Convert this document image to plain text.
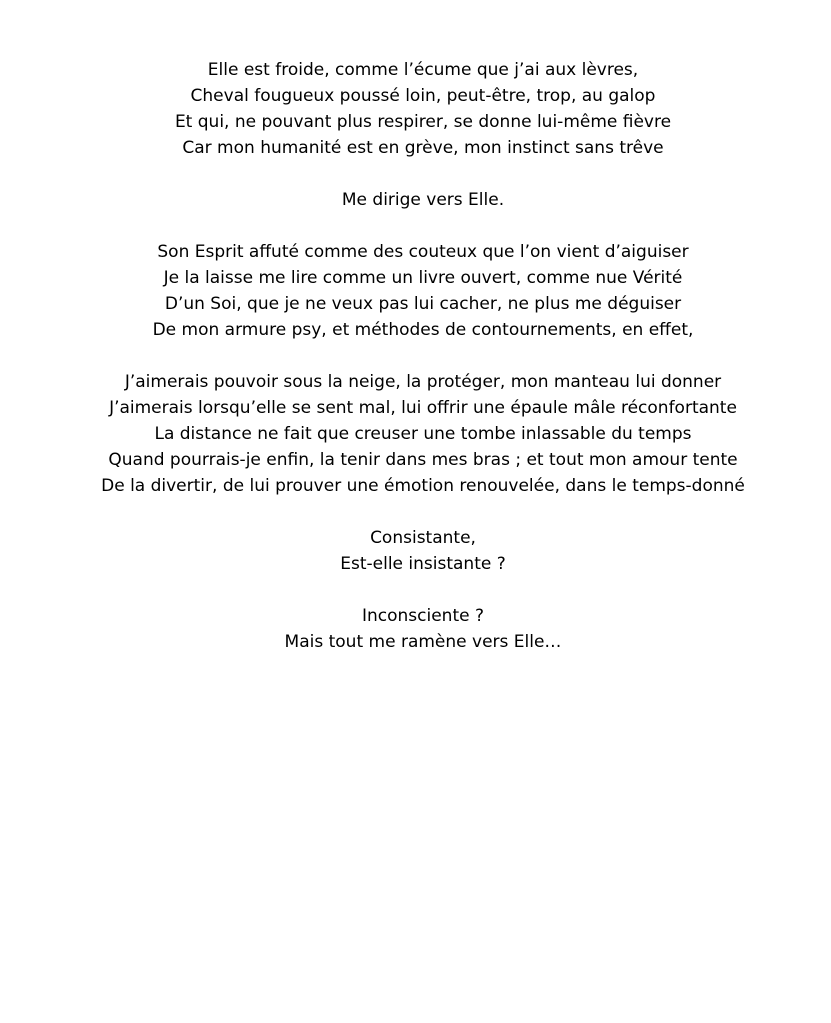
Elle est froide, comme l’écume que j’ai aux lèvres,
Cheval fougueux poussé loin, peut-être, trop, au galop
Et qui, ne pouvant plus respirer, se donne lui-même fièvre
Car mon humanité est en grève, mon instinct sans trêve
Me dirige vers Elle.
Son Esprit affuté comme des couteux que l’on vient d’aiguiser
Je la laisse me lire comme un livre ouvert, comme nue Vérité
D’un Soi, que je ne veux pas lui cacher, ne plus me déguiser
De mon armure psy, et méthodes de contournements, en effet,
J’aimerais pouvoir sous la neige, la protéger, mon manteau lui donner
J’aimerais lorsqu’elle se sent mal, lui offrir une épaule mâle réconfortante
La distance ne fait que creuser une tombe inlassable du temps
Quand pourrais-je enfin, la tenir dans mes bras ; et tout mon amour tente
De la divertir, de lui prouver une émotion renouvelée, dans le temps-donné
Consistante,
Est-elle insistante ?
Inconsciente ?
Mais tout me ramène vers Elle…
